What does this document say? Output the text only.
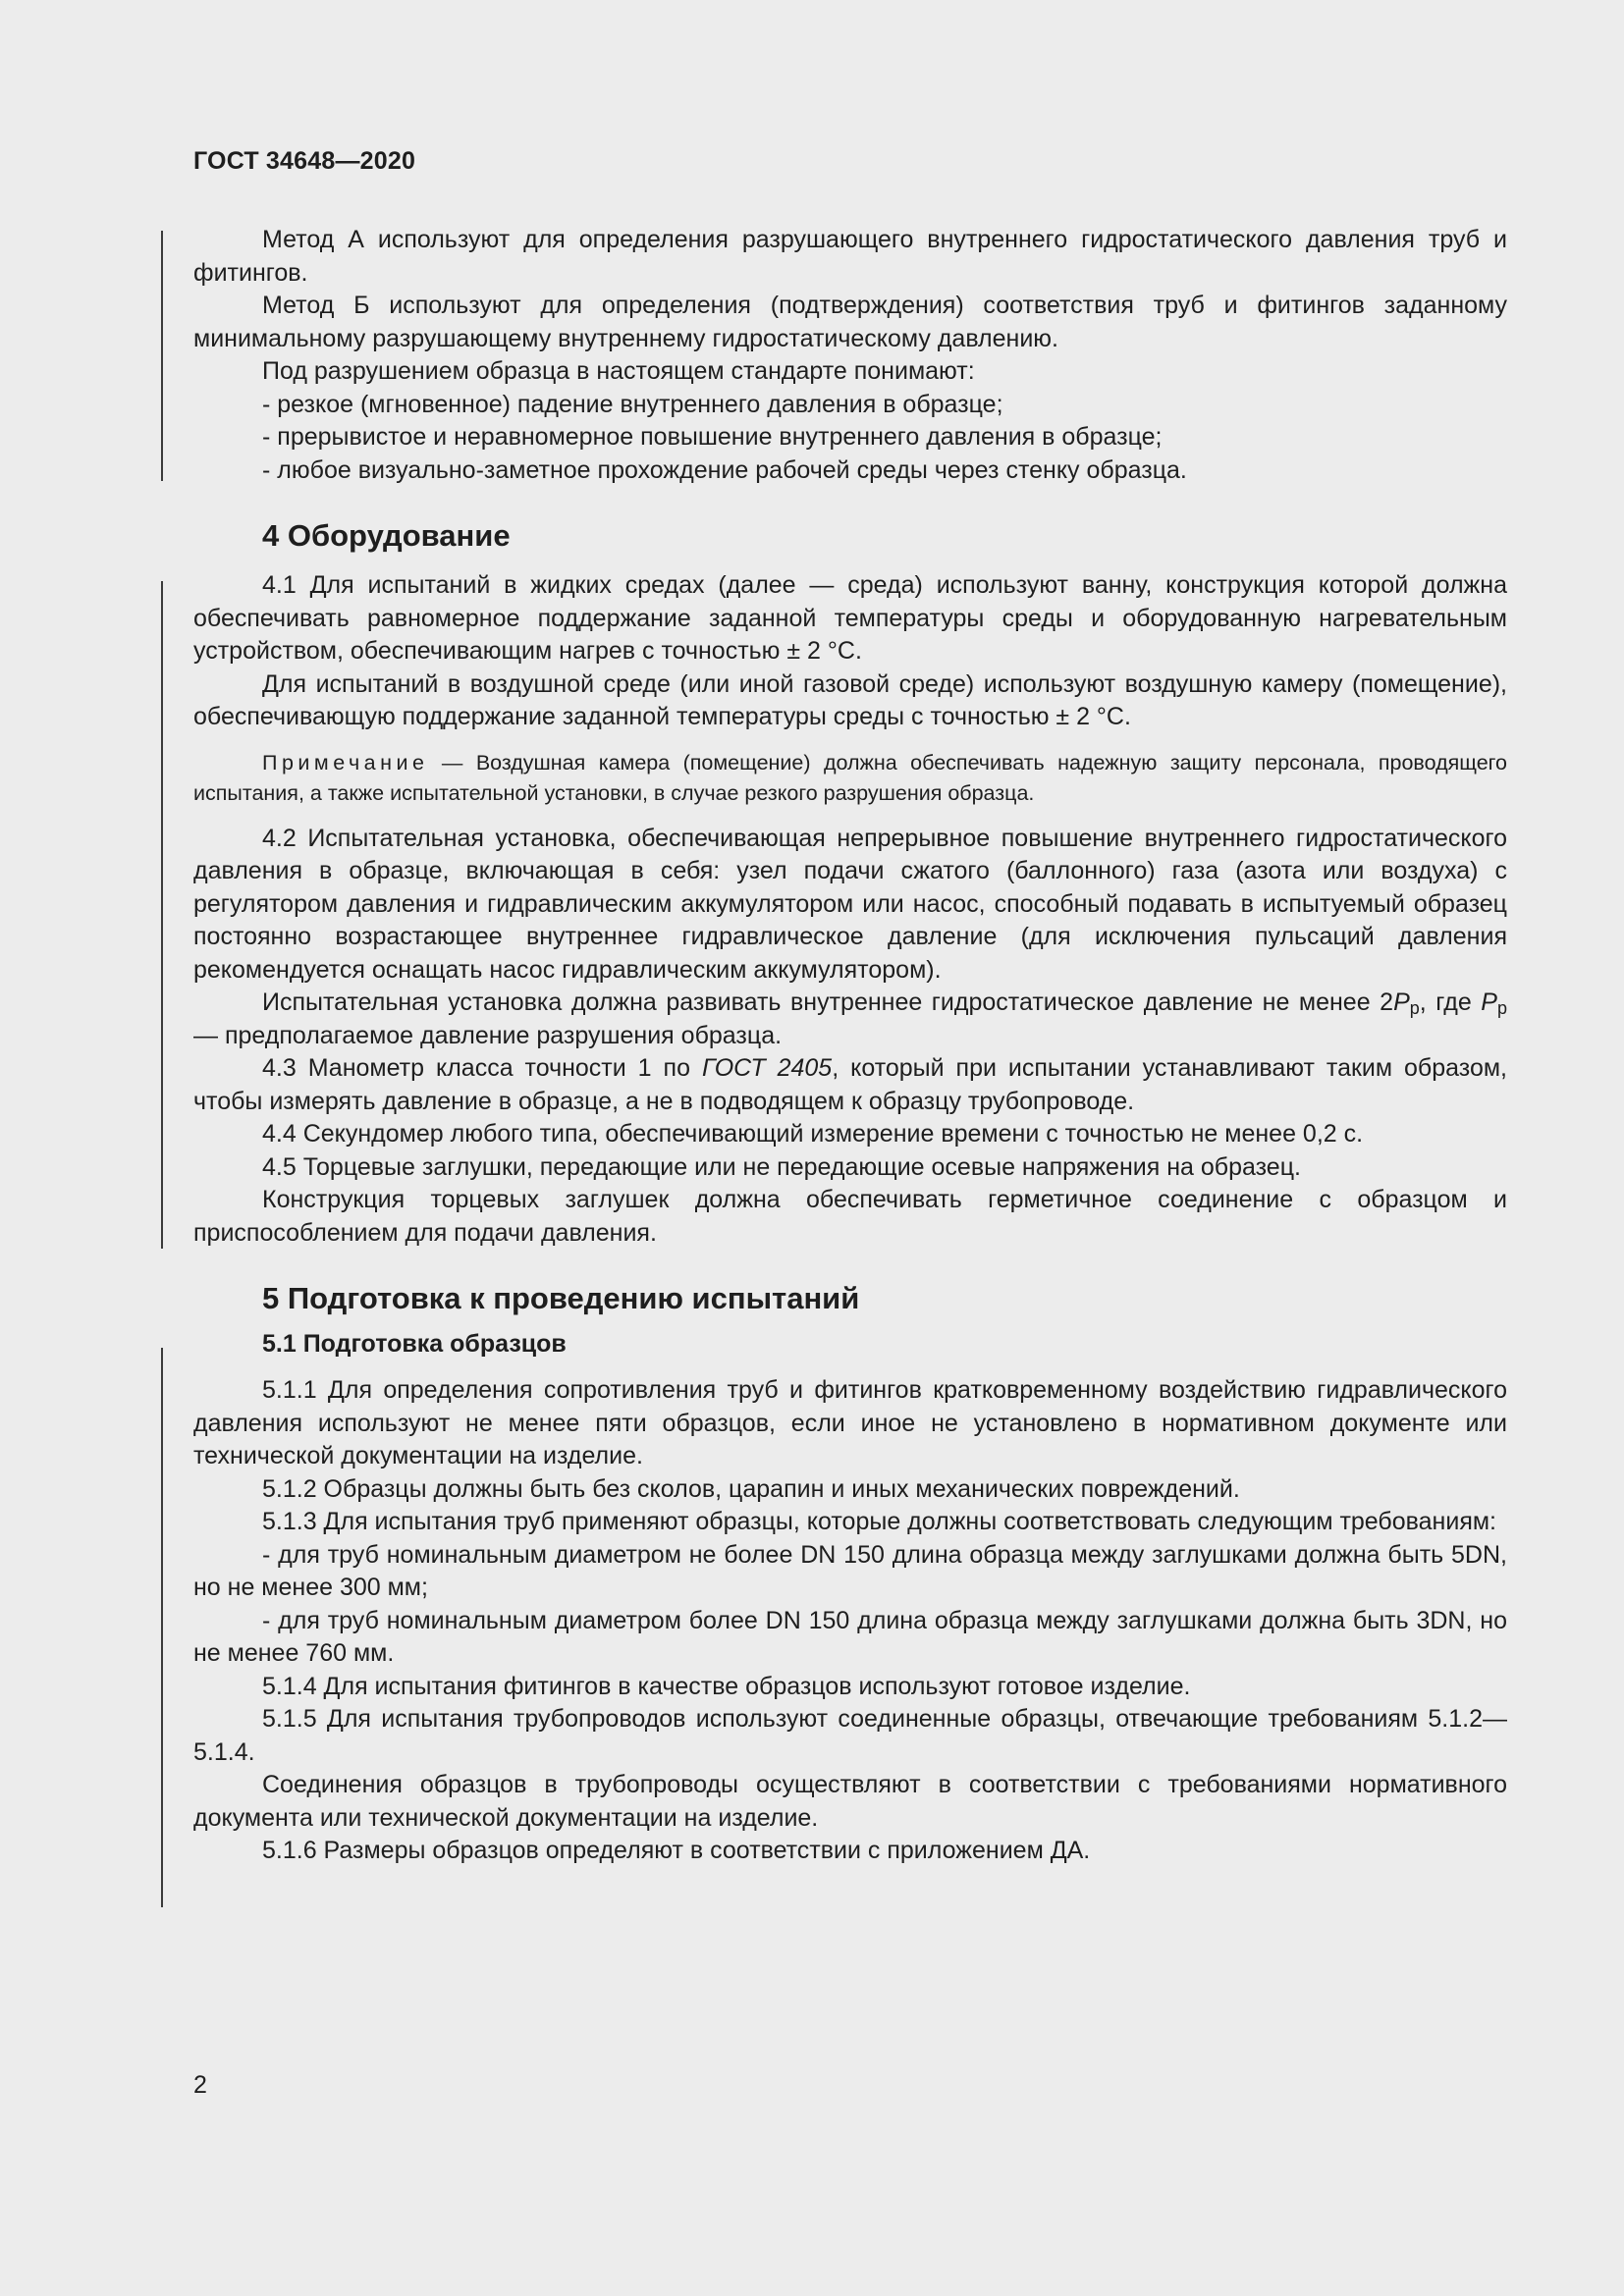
ГОСТ 34648—2020

Метод А используют для определения разрушающего внутреннего гидростатического давления труб и фитингов.

Метод Б используют для определения (подтверждения) соответствия труб и фитингов заданному минимальному разрушающему внутреннему гидростатическому давлению.

Под разрушением образца в настоящем стандарте понимают:

- резкое (мгновенное) падение внутреннего давления в образце;

- прерывистое и неравномерное повышение внутреннего давления в образце;

- любое визуально-заметное прохождение рабочей среды через стенку образца.

4 Оборудование

4.1 Для испытаний в жидких средах (далее — среда) используют ванну, конструкция которой должна обеспечивать равномерное поддержание заданной температуры среды и оборудованную нагревательным устройством, обеспечивающим нагрев с точностью ± 2 °С.

Для испытаний в воздушной среде (или иной газовой среде) используют воздушную камеру (помещение), обеспечивающую поддержание заданной температуры среды с точностью ± 2 °С.

Примечание — Воздушная камера (помещение) должна обеспечивать надежную защиту персонала, проводящего испытания, а также испытательной установки, в случае резкого разрушения образца.

4.2 Испытательная установка, обеспечивающая непрерывное повышение внутреннего гидростатического давления в образце, включающая в себя: узел подачи сжатого (баллонного) газа (азота или воздуха) с регулятором давления и гидравлическим аккумулятором или насос, способный подавать в испытуемый образец постоянно возрастающее внутреннее гидравлическое давление (для исключения пульсаций давления рекомендуется оснащать насос гидравлическим аккумулятором).

Испытательная установка должна развивать внутреннее гидростатическое давление не менее $2P_р$, где $P_р$ — предполагаемое давление разрушения образца.

4.3 Манометр класса точности 1 по ГОСТ 2405, который при испытании устанавливают таким образом, чтобы измерять давление в образце, а не в подводящем к образцу трубопроводе.

4.4 Секундомер любого типа, обеспечивающий измерение времени с точностью не менее 0,2 с.

4.5 Торцевые заглушки, передающие или не передающие осевые напряжения на образец.

Конструкция торцевых заглушек должна обеспечивать герметичное соединение с образцом и приспособлением для подачи давления.

5 Подготовка к проведению испытаний
5.1 Подготовка образцов

5.1.1 Для определения сопротивления труб и фитингов кратковременному воздействию гидравлического давления используют не менее пяти образцов, если иное не установлено в нормативном документе или технической документации на изделие.

5.1.2 Образцы должны быть без сколов, царапин и иных механических повреждений.

5.1.3 Для испытания труб применяют образцы, которые должны соответствовать следующим требованиям:

- для труб номинальным диаметром не более DN 150 длина образца между заглушками должна быть 5DN, но не менее 300 мм;

- для труб номинальным диаметром более DN 150 длина образца между заглушками должна быть 3DN, но не менее 760 мм.

5.1.4 Для испытания фитингов в качестве образцов используют готовое изделие.

5.1.5 Для испытания трубопроводов используют соединенные образцы, отвечающие требованиям 5.1.2—5.1.4.

Соединения образцов в трубопроводы осуществляют в соответствии с требованиями нормативного документа или технической документации на изделие.

5.1.6 Размеры образцов определяют в соответствии с приложением ДА.

2
